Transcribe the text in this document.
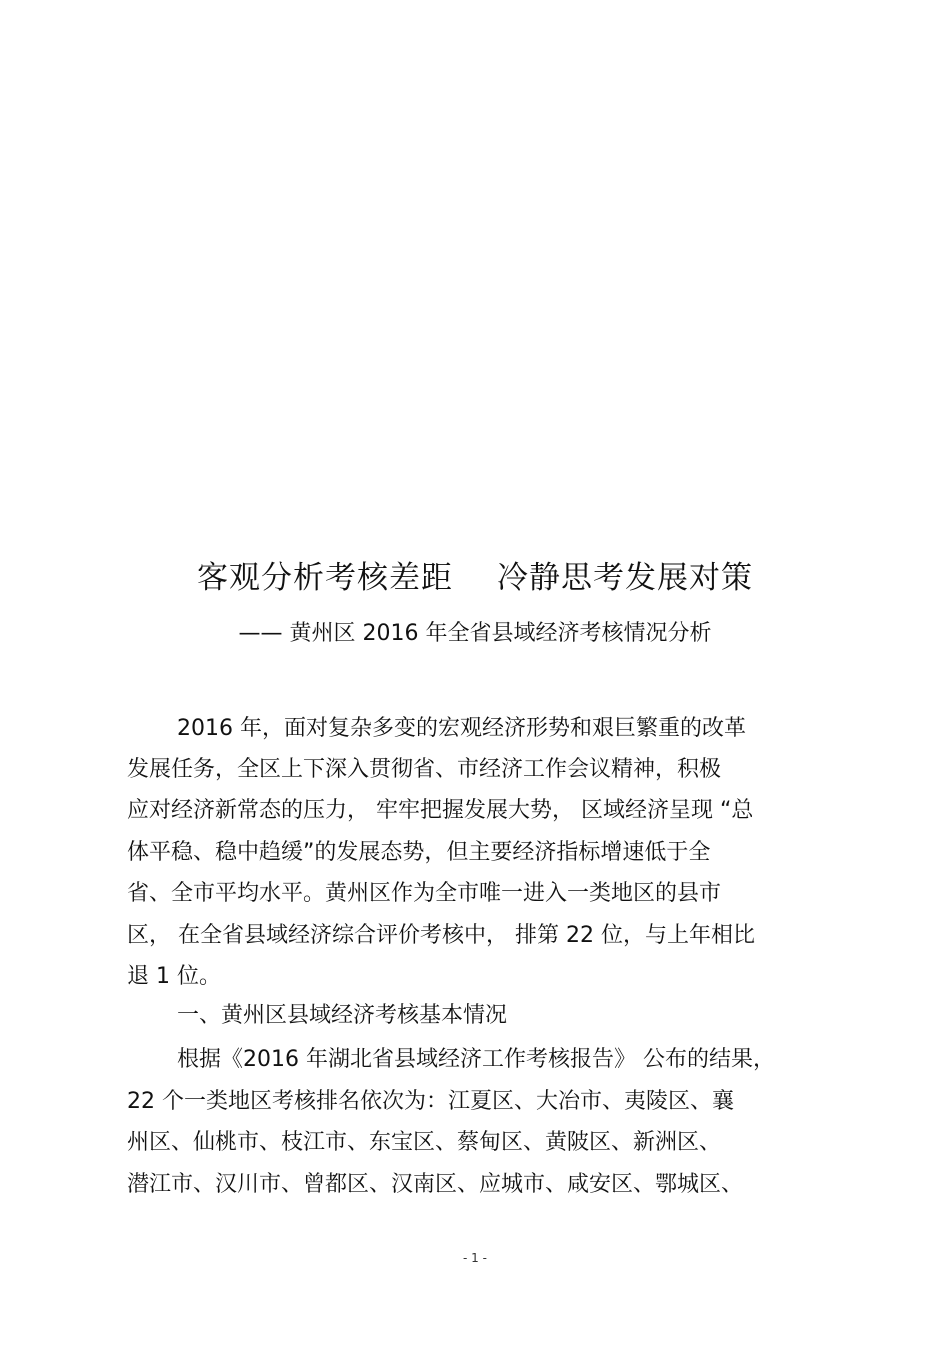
客观分析考核差距 冷静思考发展对策
—— 黄州区 2016 年全省县域经济考核情况分析
2016 年，面对复杂多变的宏观经济形势和艰巨繁重的改革
发展任务，全区上下深入贯彻省、市经济工作会议精神，积极
应对经济新常态的压力， 牢牢把握发展大势， 区域经济呈现 “总
体平稳、稳中趋缓”的发展态势，但主要经济指标增速低于全
省、全市平均水平。黄州区作为全市唯一进入一类地区的县市
区， 在全省县域经济综合评价考核中， 排第 22 位，与上年相比
退 1 位。
一、黄州区县域经济考核基本情况
根据《2016 年湖北省县域经济工作考核报告》 公布的结果，
22 个一类地区考核排名依次为：江夏区、大冶市、夷陵区、襄
州区、仙桃市、枝江市、东宝区、蔡甸区、黄陂区、新洲区、
潜江市、汉川市、曾都区、汉南区、应城市、咸安区、鄂城区、
- 1 -
